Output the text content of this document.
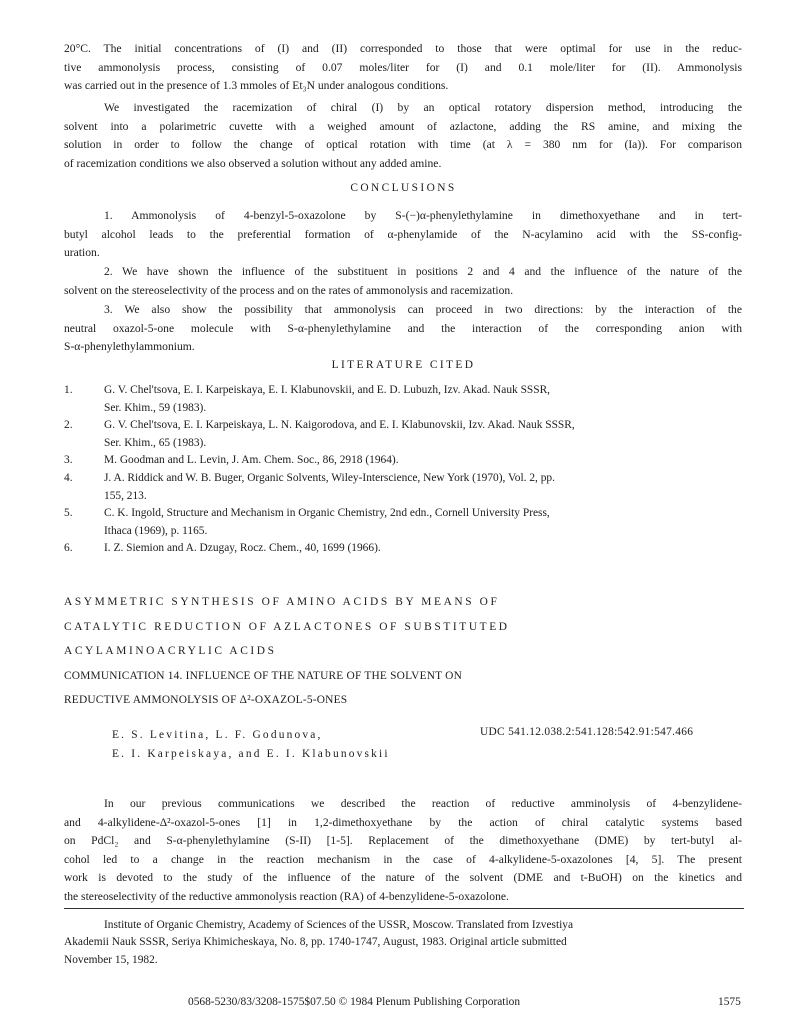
20°C. The initial concentrations of (I) and (II) corresponded to those that were optimal for use in the reduc-
tive ammonolysis process, consisting of 0.07 moles/liter for (I) and 0.1 mole/liter for (II). Ammonolysis
was carried out in the presence of 1.3 mmoles of Et₃N under analogous conditions.
We investigated the racemization of chiral (I) by an optical rotatory dispersion method, introducing the
solvent into a polarimetric cuvette with a weighed amount of azlactone, adding the RS amine, and mixing the
solution in order to follow the change of optical rotation with time (at λ = 380 nm for (Ia)). For comparison
of racemization conditions we also observed a solution without any added amine.

CONCLUSIONS

1. Ammonolysis of 4-benzyl-5-oxazolone by S-(−)α-phenylethylamine in dimethoxyethane and in tert-
butyl alcohol leads to the preferential formation of α-phenylamide of the N-acylamino acid with the SS-config-
uration.
2. We have shown the influence of the substituent in positions 2 and 4 and the influence of the nature of the
solvent on the stereoselectivity of the process and on the rates of ammonolysis and racemization.
3. We also show the possibility that ammonolysis can proceed in two directions: by the interaction of the
neutral oxazol-5-one molecule with S-α-phenylethylamine and the interaction of the corresponding anion with
S-α-phenylethylammonium.

LITERATURE CITED

1.	G. V. Chel'tsova, E. I. Karpeiskaya, E. I. Klabunovskii, and E. D. Lubuzh, Izv. Akad. Nauk SSSR,
Ser. Khim., 59 (1983).
2.	G. V. Chel'tsova, E. I. Karpeiskaya, L. N. Kaigorodova, and E. I. Klabunovskii, Izv. Akad. Nauk SSSR,
Ser. Khim., 65 (1983).
3.	M. Goodman and L. Levin, J. Am. Chem. Soc., 86, 2918 (1964).
4.	J. A. Riddick and W. B. Buger, Organic Solvents, Wiley-Interscience, New York (1970), Vol. 2, pp.
155, 213.
5.	C. K. Ingold, Structure and Mechanism in Organic Chemistry, 2nd edn., Cornell University Press,
Ithaca (1969), p. 1165.
6.	I. Z. Siemion and A. Dzugay, Rocz. Chem., 40, 1699 (1966).

ASYMMETRIC SYNTHESIS OF AMINO ACIDS BY MEANS OF

CATALYTIC REDUCTION OF AZLACTONES OF SUBSTITUTED

ACYLAMINOACRYLIC ACIDS

COMMUNICATION 14. INFLUENCE OF THE NATURE OF THE SOLVENT ON

REDUCTIVE AMMONOLYSIS OF Δ²-OXAZOL-5-ONES

E. S. Levitina, L. F. Godunova,
E. I. Karpeiskaya, and E. I. Klabunovskii
UDC 541.12.038.2:541.128:542.91:547.466
In our previous communications we described the reaction of reductive amminolysis of 4-benzylidene-
and 4-alkylidene-Δ²-oxazol-5-ones [1] in 1,2-dimethoxyethane by the action of chiral catalytic systems based
on PdCl₂ and S-α-phenylethylamine (S-II) [1-5]. Replacement of the dimethoxyethane (DME) by tert-butyl al-
cohol led to a change in the reaction mechanism in the case of 4-alkylidene-5-oxazolones [4, 5]. The present
work is devoted to the study of the influence of the nature of the solvent (DME and t-BuOH) on the kinetics and
the stereoselectivity of the reductive ammonolysis reaction (RA) of 4-benzylidene-5-oxazolone.
Institute of Organic Chemistry, Academy of Sciences of the USSR, Moscow. Translated from Izvestiya
Akademii Nauk SSSR, Seriya Khimicheskaya, No. 8, pp. 1740-1747, August, 1983. Original article submitted
November 15, 1982.
0568-5230/83/3208-1575$07.50 © 1984 Plenum Publishing Corporation	1575
